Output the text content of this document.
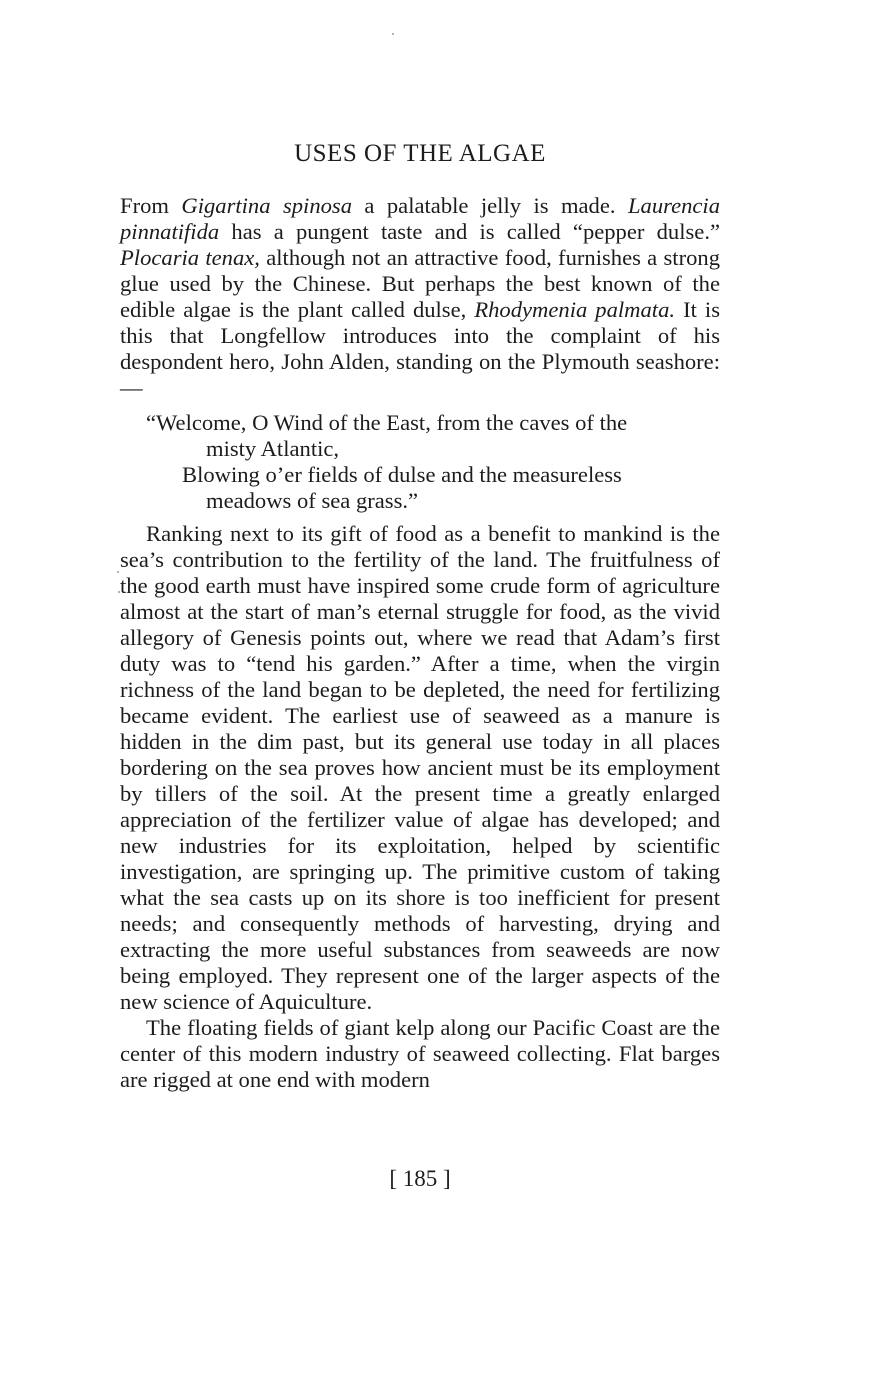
USES OF THE ALGAE

From Gigartina spinosa a palatable jelly is made. Laurencia pinnatifida has a pungent taste and is called “pepper dulse.” Plocaria tenax, although not an attractive food, furnishes a strong glue used by the Chinese. But perhaps the best known of the edible algae is the plant called dulse, Rhodymenia palmata. It is this that Longfellow introduces into the complaint of his despondent hero, John Alden, standing on the Plymouth seashore:—

“Welcome, O Wind of the East, from the caves of the
misty Atlantic,
Blowing o’er fields of dulse and the measureless
meadows of sea grass.”

Ranking next to its gift of food as a benefit to mankind is the sea’s contribution to the fertility of the land. The fruitfulness of the good earth must have inspired some crude form of agriculture almost at the start of man’s eternal struggle for food, as the vivid allegory of Genesis points out, where we read that Adam’s first duty was to “tend his garden.” After a time, when the virgin richness of the land began to be depleted, the need for fertilizing became evident. The earliest use of seaweed as a manure is hidden in the dim past, but its general use today in all places bordering on the sea proves how ancient must be its employment by tillers of the soil. At the present time a greatly enlarged appreciation of the fertilizer value of algae has developed; and new industries for its exploitation, helped by scientific investigation, are springing up. The primitive custom of taking what the sea casts up on its shore is too inefficient for present needs; and consequently methods of harvesting, drying and extracting the more useful substances from seaweeds are now being employed. They represent one of the larger aspects of the new science of Aquiculture.

The floating fields of giant kelp along our Pacific Coast are the center of this modern industry of seaweed collecting. Flat barges are rigged at one end with modern

[ 185 ]
